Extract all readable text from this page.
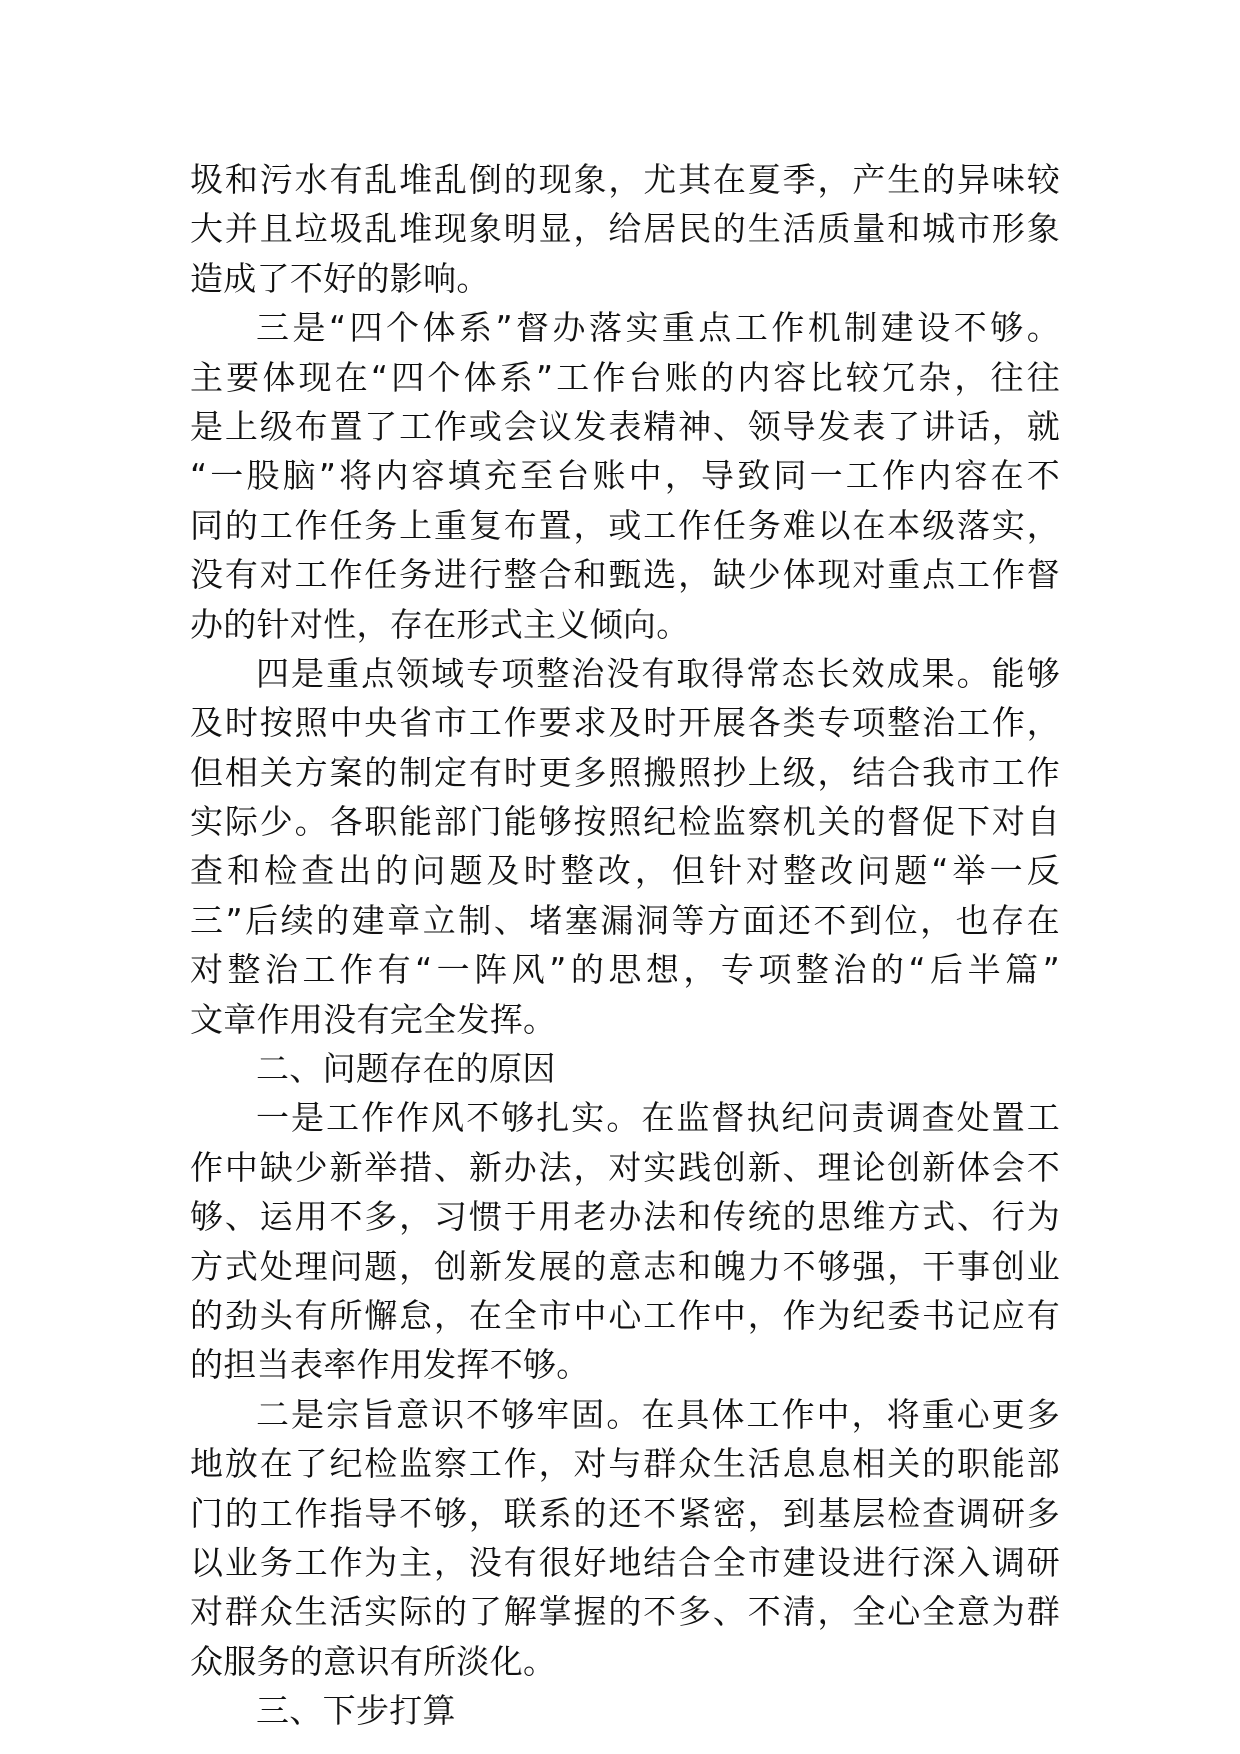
圾和污水有乱堆乱倒的现象，尤其在夏季，产生的异味较
大并且垃圾乱堆现象明显，给居民的生活质量和城市形象
造成了不好的影响。
三是“四个体系”督办落实重点工作机制建设不够。
主要体现在“四个体系”工作台账的内容比较冗杂，往往
是上级布置了工作或会议发表精神、领导发表了讲话，就
“一股脑”将内容填充至台账中，导致同一工作内容在不
同的工作任务上重复布置，或工作任务难以在本级落实，
没有对工作任务进行整合和甄选，缺少体现对重点工作督
办的针对性，存在形式主义倾向。
四是重点领域专项整治没有取得常态长效成果。能够
及时按照中央省市工作要求及时开展各类专项整治工作，
但相关方案的制定有时更多照搬照抄上级，结合我市工作
实际少。各职能部门能够按照纪检监察机关的督促下对自
查和检查出的问题及时整改，但针对整改问题“举一反
三”后续的建章立制、堵塞漏洞等方面还不到位，也存在
对整治工作有“一阵风”的思想，专项整治的“后半篇”
文章作用没有完全发挥。
二、问题存在的原因
一是工作作风不够扎实。在监督执纪问责调查处置工
作中缺少新举措、新办法，对实践创新、理论创新体会不
够、运用不多，习惯于用老办法和传统的思维方式、行为
方式处理问题，创新发展的意志和魄力不够强，干事创业
的劲头有所懈怠，在全市中心工作中，作为纪委书记应有
的担当表率作用发挥不够。
二是宗旨意识不够牢固。在具体工作中，将重心更多
地放在了纪检监察工作，对与群众生活息息相关的职能部
门的工作指导不够，联系的还不紧密，到基层检查调研多
以业务工作为主，没有很好地结合全市建设进行深入调研
对群众生活实际的了解掌握的不多、不清，全心全意为群
众服务的意识有所淡化。
三、下步打算
